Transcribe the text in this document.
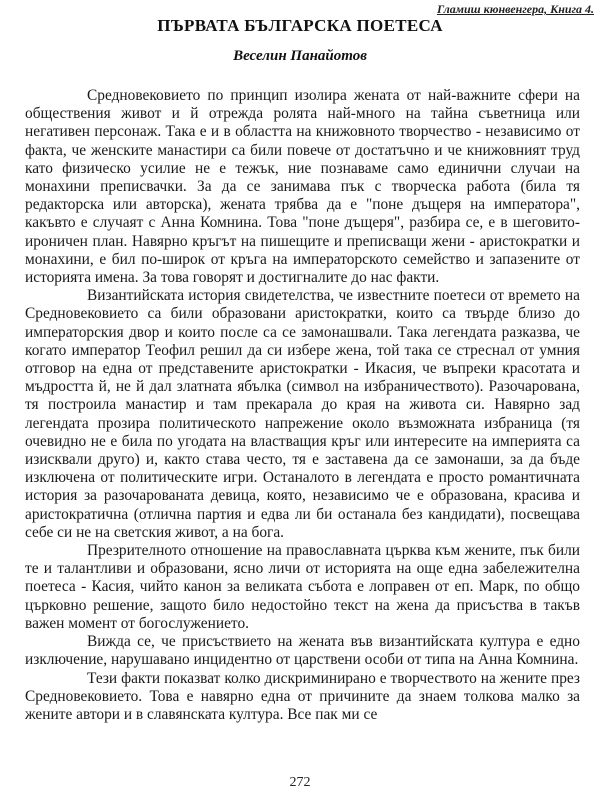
Гламиш кюнвенгера, Книга 4.
ПЪРВАТА БЪЛГАРСКА ПОЕТЕСА
Веселин Панайотов

Средновековието по принцип изолира жената от най-важните сфери на обществения живот и й отрежда ролята най-много на тайна съветница или негативен персонаж. Така е и в областта на книжовното творчество - независимо от факта, че женските манастири са били повече от достатъчно и че книжовният труд като физическо усилие не е тежък, ние познаваме само единични случаи на монахини преписвачки. За да се занимава пък с творческа работа (била тя редакторска или авторска), жената трябва да е "поне дъщеря на императора", какъвто е случаят с Анна Комнина. Това "поне дъщеря", разбира се, е в шеговито-ироничен план. Навярно кръгът на пишещите и преписващи жени - аристократки и монахини, е бил по-широк от кръга на императорското семейство и запазените от историята имена. За това говорят и достигналите до нас факти.

Византийската история свидетелства, че известните поетеси от времето на Средновековието са били образовани аристократки, които са твърде близо до императорския двор и които после са се замонашвали. Така легендата разказва, че когато император Теофил решил да си избере жена, той така се стреснал от умния отговор на една от представените аристократки - Икасия, че въпреки красотата и мъдростта й, не й дал златната ябълка (символ на избраничеството). Разочарована, тя построила манастир и там прекарала до края на живота си. Навярно зад легендата прозира политическото напрежение около възможната избраница (тя очевидно не е била по угодата на властващия кръг или интересите на империята са изисквали друго) и, както става често, тя е заставена да се замонаши, за да бъде изключена от политическите игри. Останалото в легендата е просто романтичната история за разочарованата девица, която, независимо че е образована, красива и аристократична (отлична партия и едва ли би останала без кандидати), посвещава себе си не на светския живот, а на бога.

Презрителното отношение на православната църква към жените, пък били те и талантливи и образовани, ясно личи от историята на още една забележителна поетеса - Касия, чийто канон за великата събота е лоправен от еп. Марк, по общо църковно решение, защото било недостойно текст на жена да присъства в такъв важен момент от богослужението.

Вижда се, че присъствието на жената във византийската култура е едно изключение, нарушавано инцидентно от царствени особи от типа на Анна Комнина.

Тези факти показват колко дискриминирано е творчеството на жените през Средновековието. Това е навярно една от причините да знаем толкова малко за жените автори и в славянската култура. Все пак ми се

272
